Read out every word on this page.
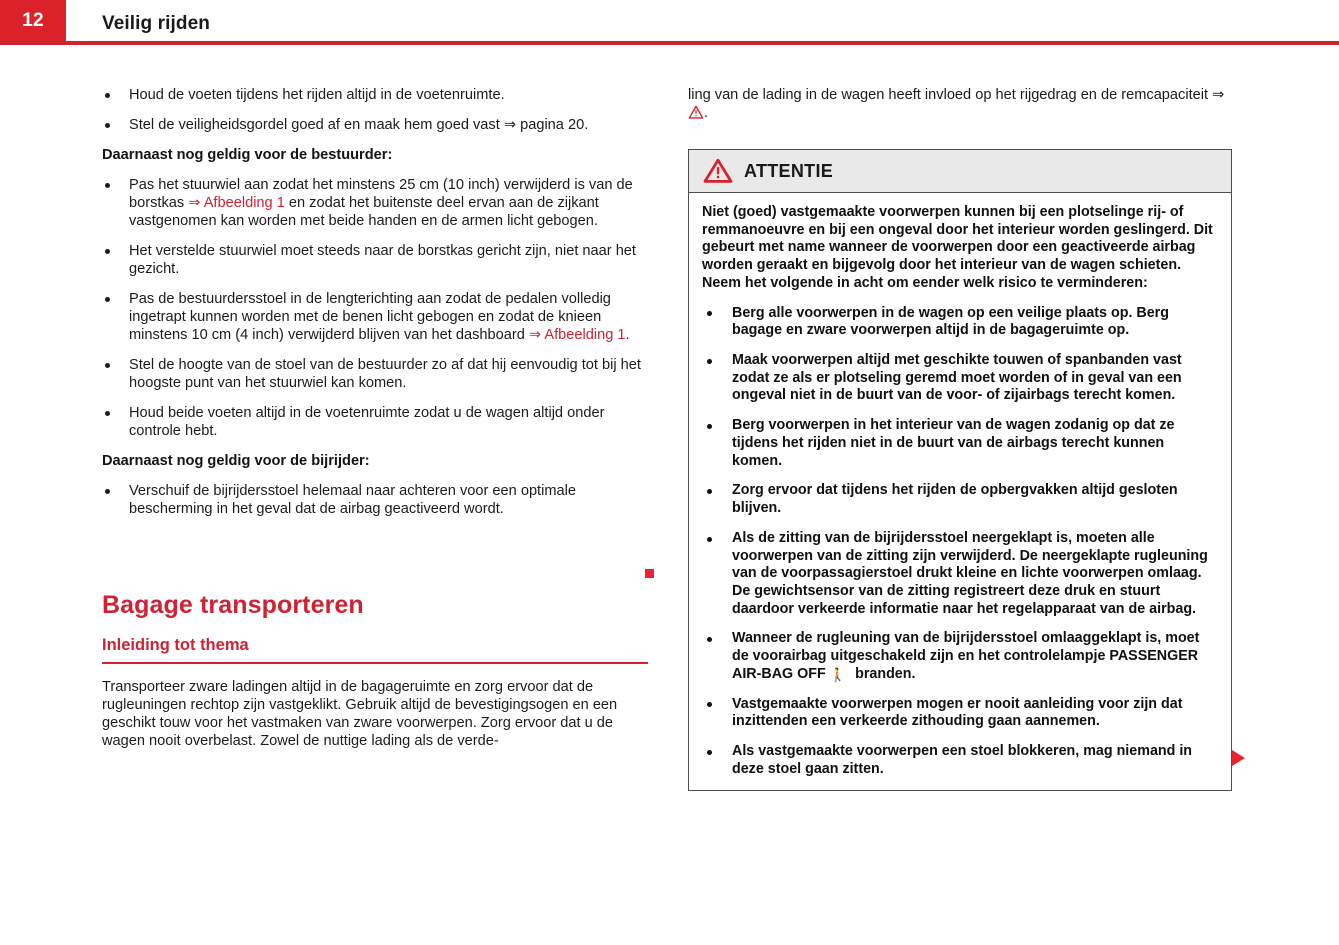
12	Veilig rijden
Houd de voeten tijdens het rijden altijd in de voetenruimte.
Stel de veiligheidsgordel goed af en maak hem goed vast ⇒ pagina 20.
Daarnaast nog geldig voor de bestuurder:
Pas het stuurwiel aan zodat het minstens 25 cm (10 inch) verwijderd is van de borstkas ⇒ Afbeelding 1 en zodat het buitenste deel ervan aan de zijkant vastgenomen kan worden met beide handen en de armen licht gebogen.
Het verstelde stuurwiel moet steeds naar de borstkas gericht zijn, niet naar het gezicht.
Pas de bestuurdersstoel in de lengterichting aan zodat de pedalen volledig ingetrapt kunnen worden met de benen licht gebogen en zodat de knieen minstens 10 cm (4 inch) verwijderd blijven van het dashboard ⇒ Afbeelding 1.
Stel de hoogte van de stoel van de bestuurder zo af dat hij eenvoudig tot bij het hoogste punt van het stuurwiel kan komen.
Houd beide voeten altijd in de voetenruimte zodat u de wagen altijd onder controle hebt.
Daarnaast nog geldig voor de bijrijder:
Verschuif de bijrijdersstoel helemaal naar achteren voor een optimale bescherming in het geval dat de airbag geactiveerd wordt.
Bagage transporteren
Inleiding tot thema

Transporteer zware ladingen altijd in de bagageruimte en zorg ervoor dat de rugleuningen rechtop zijn vastgeklikt. Gebruik altijd de bevestigingsogen en een geschikt touw voor het vastmaken van zware voorwerpen. Zorg ervoor dat u de wagen nooit overbelast. Zowel de nuttige lading als de verde-

ling van de lading in de wagen heeft invloed op het rijgedrag en de remcapaciteit ⇒ .

ATTENTIE

Niet (goed) vastgemaakte voorwerpen kunnen bij een plotselinge rij- of remmanoeuvre en bij een ongeval door het interieur worden geslingerd. Dit gebeurt met name wanneer de voorwerpen door een geactiveerde airbag worden geraakt en bijgevolg door het interieur van de wagen schieten. Neem het volgende in acht om eender welk risico te verminderen:

Berg alle voorwerpen in de wagen op een veilige plaats op. Berg bagage en zware voorwerpen altijd in de bagageruimte op.
Maak voorwerpen altijd met geschikte touwen of spanbanden vast zodat ze als er plotseling geremd moet worden of in geval van een ongeval niet in de buurt van de voor- of zijairbags terecht komen.
Berg voorwerpen in het interieur van de wagen zodanig op dat ze tijdens het rijden niet in de buurt van de airbags terecht kunnen komen.
Zorg ervoor dat tijdens het rijden de opbergvakken altijd gesloten blijven.
Als de zitting van de bijrijdersstoel neergeklapt is, moeten alle voorwerpen van de zitting zijn verwijderd. De neergeklapte rugleuning van de voorpassagierstoel drukt kleine en lichte voorwerpen omlaag. De gewichtsensor van de zitting registreert deze druk en stuurt daardoor verkeerde informatie naar het regelapparaat van de airbag.
Wanneer de rugleuning van de bijrijdersstoel omlaaggeklapt is, moet de voorairbag uitgeschakeld zijn en het controlelampje PASSENGER AIR-BAG OFF 🚶  branden.
Vastgemaakte voorwerpen mogen er nooit aanleiding voor zijn dat inzittenden een verkeerde zithouding gaan aannemen.
Als vastgemaakte voorwerpen een stoel blokkeren, mag niemand in deze stoel gaan zitten.
